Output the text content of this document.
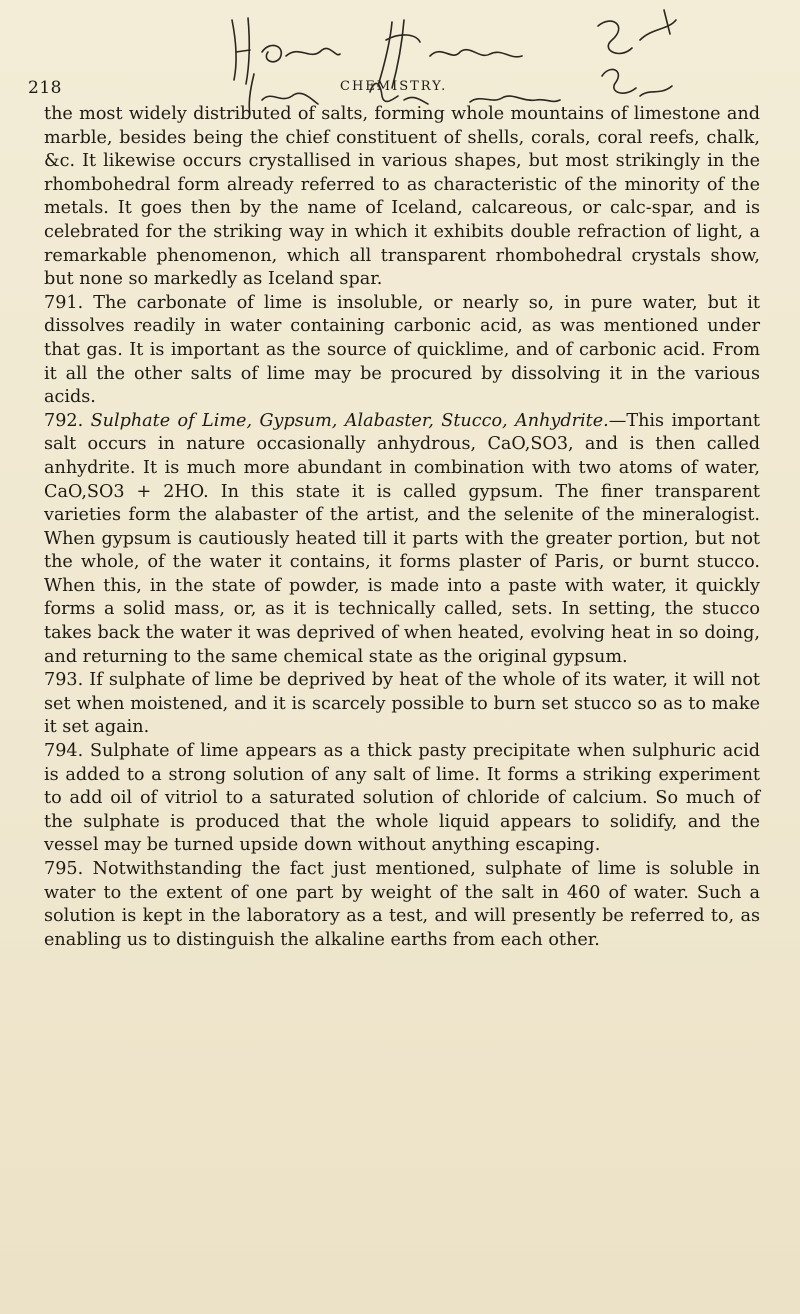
218	CHEMISTRY.

the most widely distributed of salts, forming whole mountains of limestone and marble, besides being the chief constituent of shells, corals, coral reefs, chalk, &c. It likewise occurs crystallised in various shapes, but most strikingly in the rhombohedral form already referred to as characteristic of the minority of the metals. It goes then by the name of Iceland, calcareous, or calc-spar, and is celebrated for the striking way in which it exhibits double refraction of light, a remarkable phenomenon, which all transparent rhombohedral crystals show, but none so markedly as Iceland spar.

791. The carbonate of lime is insoluble, or nearly so, in pure water, but it dissolves readily in water containing carbonic acid, as was mentioned under that gas. It is important as the source of quicklime, and of carbonic acid. From it all the other salts of lime may be procured by dissolving it in the various acids.

792. Sulphate of Lime, Gypsum, Alabaster, Stucco, Anhydrite.—This important salt occurs in nature occasionally anhydrous, CaO,SO3, and is then called anhydrite. It is much more abundant in combination with two atoms of water, CaO,SO3 + 2HO. In this state it is called gypsum. The finer transparent varieties form the alabaster of the artist, and the selenite of the mineralogist. When gypsum is cautiously heated till it parts with the greater portion, but not the whole, of the water it contains, it forms plaster of Paris, or burnt stucco. When this, in the state of powder, is made into a paste with water, it quickly forms a solid mass, or, as it is technically called, sets. In setting, the stucco takes back the water it was deprived of when heated, evolving heat in so doing, and returning to the same chemical state as the original gypsum.

793. If sulphate of lime be deprived by heat of the whole of its water, it will not set when moistened, and it is scarcely possible to burn set stucco so as to make it set again.

794. Sulphate of lime appears as a thick pasty precipitate when sulphuric acid is added to a strong solution of any salt of lime. It forms a striking experiment to add oil of vitriol to a saturated solution of chloride of calcium. So much of the sulphate is produced that the whole liquid appears to solidify, and the vessel may be turned upside down without anything escaping.

795. Notwithstanding the fact just mentioned, sulphate of lime is soluble in water to the extent of one part by weight of the salt in 460 of water. Such a solution is kept in the laboratory as a test, and will presently be referred to, as enabling us to distinguish the alkaline earths from each other.
